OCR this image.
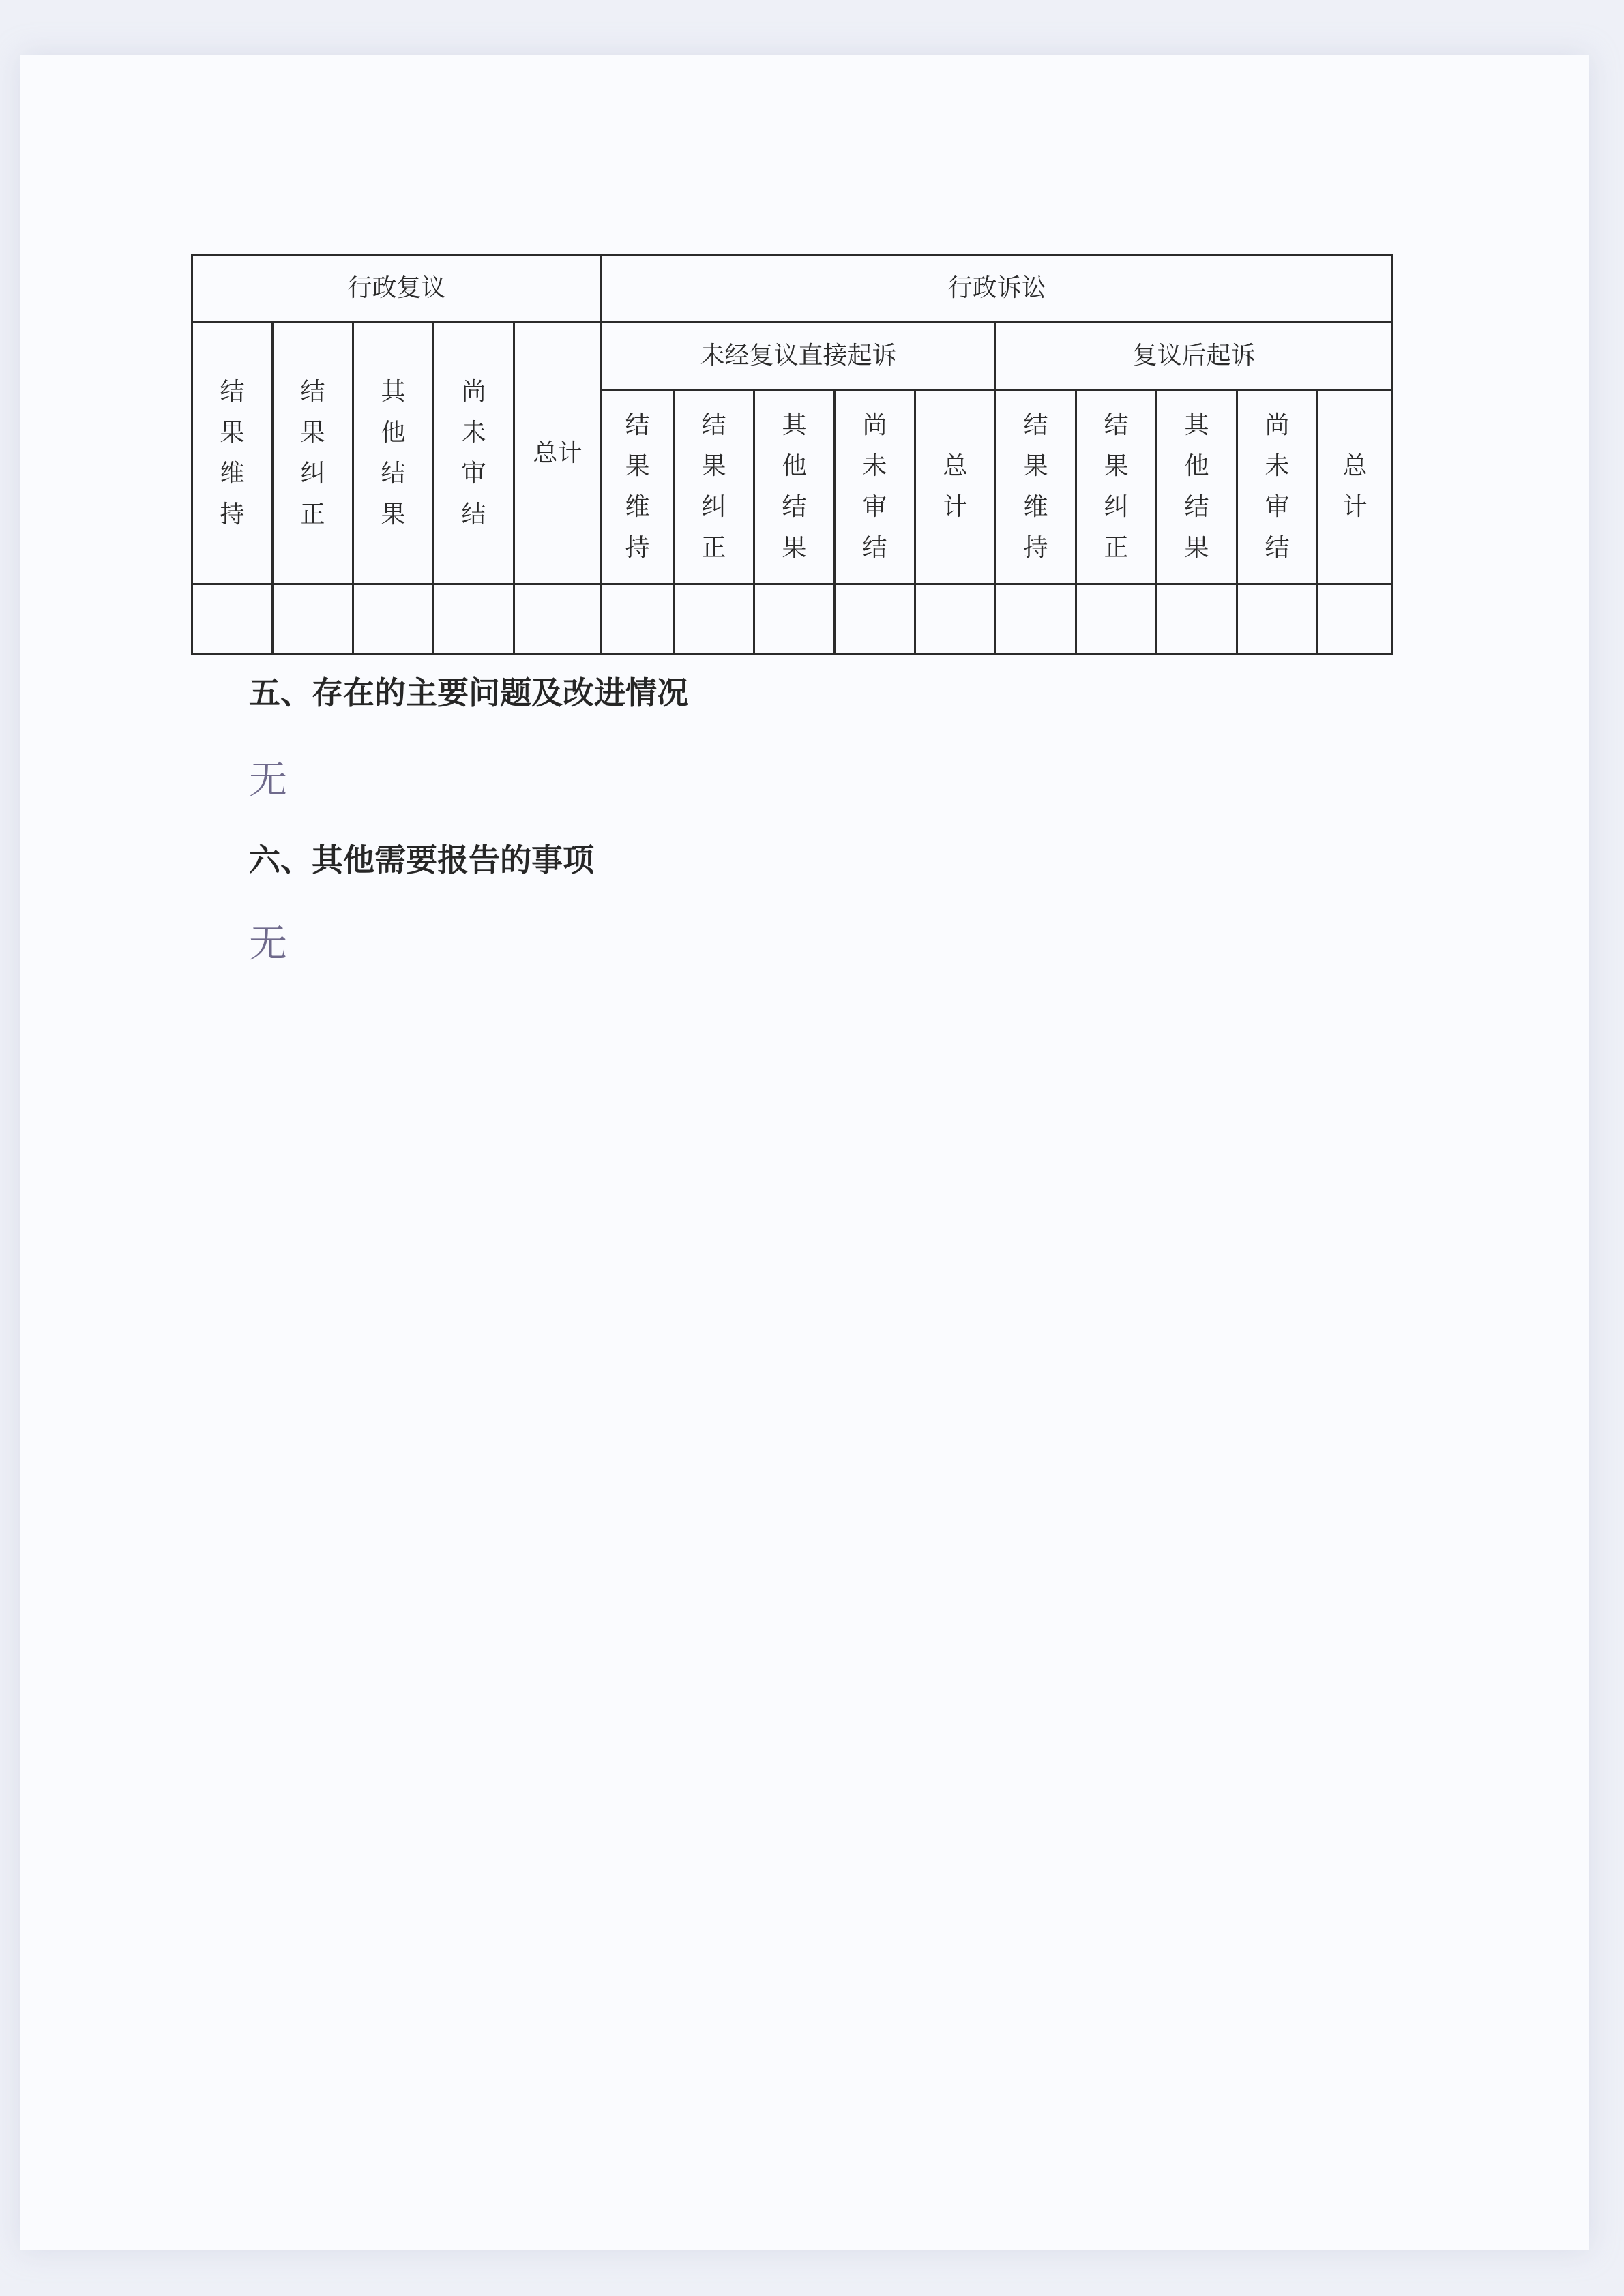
行政复议					行政诉讼									
结果维持	结果纠正	其他结果	尚未审结	总计	未经复议直接起诉					复议后起诉				
					结果维持	结果纠正	其他结果	尚未审结	总计	结果维持	结果纠正	其他结果	尚未审结	总计

五、存在的主要问题及改进情况

无

六、其他需要报告的事项

无
